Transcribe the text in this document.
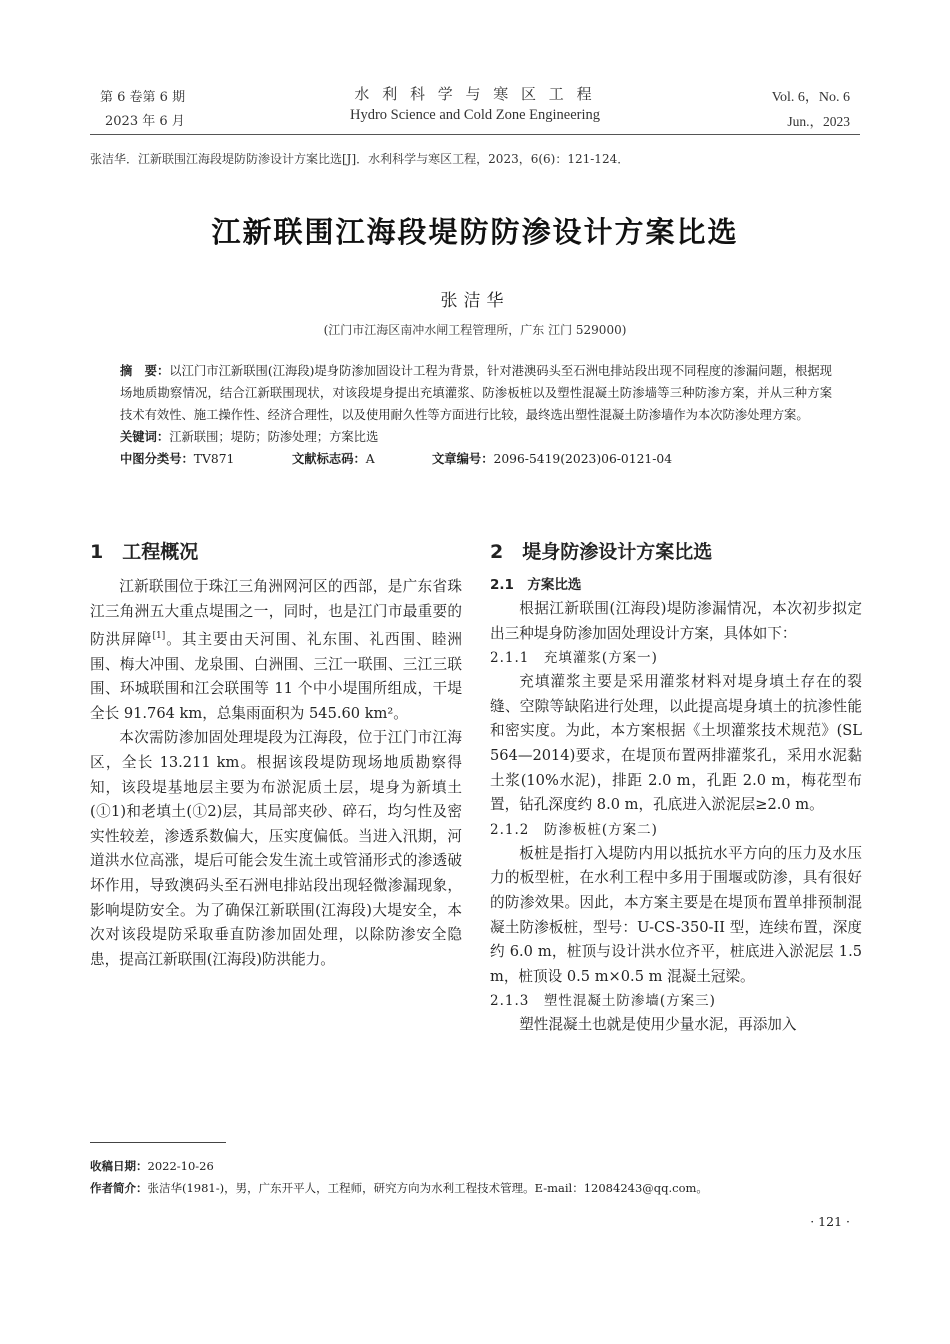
第 6 卷第 6 期
2023 年 6 月
水 利 科 学 与 寒 区 工 程
Hydro Science and Cold Zone Engineering
Vol. 6，No. 6
Jun.，2023
张洁华．江新联围江海段堤防防渗设计方案比选[J]．水利科学与寒区工程，2023，6(6)：121-124．
江新联围江海段堤防防渗设计方案比选
张洁华
(江门市江海区南冲水闸工程管理所，广东 江门 529000)
摘　要：以江门市江新联围(江海段)堤身防渗加固设计工程为背景，针对港澳码头至石洲电排站段出现不同程度的渗漏问题，根据现场地质勘察情况，结合江新联围现状，对该段堤身提出充填灌浆、防渗板桩以及塑性混凝土防渗墙等三种防渗方案，并从三种方案技术有效性、施工操作性、经济合理性，以及使用耐久性等方面进行比较，最终选出塑性混凝土防渗墙作为本次防渗处理方案。
关键词：江新联围；堤防；防渗处理；方案比选
中图分类号：TV871	文献标志码：A	文章编号：2096-5419(2023)06-0121-04
1　工程概况

江新联围位于珠江三角洲网河区的西部，是广东省珠江三角洲五大重点堤围之一，同时，也是江门市最重要的防洪屏障[1]。其主要由天河围、礼东围、礼西围、睦洲围、梅大冲围、龙泉围、白洲围、三江一联围、三江三联围、环城联围和江会联围等 11 个中小堤围所组成，干堤全长 91.764 km，总集雨面积为 545.60 km²。

本次需防渗加固处理堤段为江海段，位于江门市江海区，全长 13.211 km。根据该段堤防现场地质勘察得知，该段堤基地层主要为布淤泥质土层，堤身为新填土(①1)和老填土(①2)层，其局部夹砂、碎石，均匀性及密实性较差，渗透系数偏大，压实度偏低。当进入汛期，河道洪水位高涨，堤后可能会发生流土或管涌形式的渗透破坏作用，导致澳码头至石洲电排站段出现轻微渗漏现象，影响堤防安全。为了确保江新联围(江海段)大堤安全，本次对该段堤防采取垂直防渗加固处理，以除防渗安全隐患，提高江新联围(江海段)防洪能力。

2　堤身防渗设计方案比选
2.1　方案比选

根据江新联围(江海段)堤防渗漏情况，本次初步拟定出三种堤身防渗加固处理设计方案，具体如下：

2.1.1　充填灌浆(方案一)

充填灌浆主要是采用灌浆材料对堤身填土存在的裂缝、空隙等缺陷进行处理，以此提高堤身填土的抗渗性能和密实度。为此，本方案根据《土坝灌浆技术规范》(SL 564—2014)要求，在堤顶布置两排灌浆孔，采用水泥黏土浆(10%水泥)，排距 2.0 m，孔距 2.0 m，梅花型布置，钻孔深度约 8.0 m，孔底进入淤泥层≥2.0 m。

2.1.2　防渗板桩(方案二)

板桩是指打入堤防内用以抵抗水平方向的压力及水压力的板型桩，在水利工程中多用于围堰或防渗，具有很好的防渗效果。因此，本方案主要是在堤顶布置单排预制混凝土防渗板桩，型号：U-CS-350-II 型，连续布置，深度约 6.0 m，桩顶与设计洪水位齐平，桩底进入淤泥层 1.5 m，桩顶设 0.5 m×0.5 m 混凝土冠梁。

2.1.3　塑性混凝土防渗墙(方案三)

塑性混凝土也就是使用少量水泥，再添加入

收稿日期：2022-10-26
作者简介：张洁华(1981-)，男，广东开平人，工程师，研究方向为水利工程技术管理。E-mail：12084243@qq.com。
· 121 ·
